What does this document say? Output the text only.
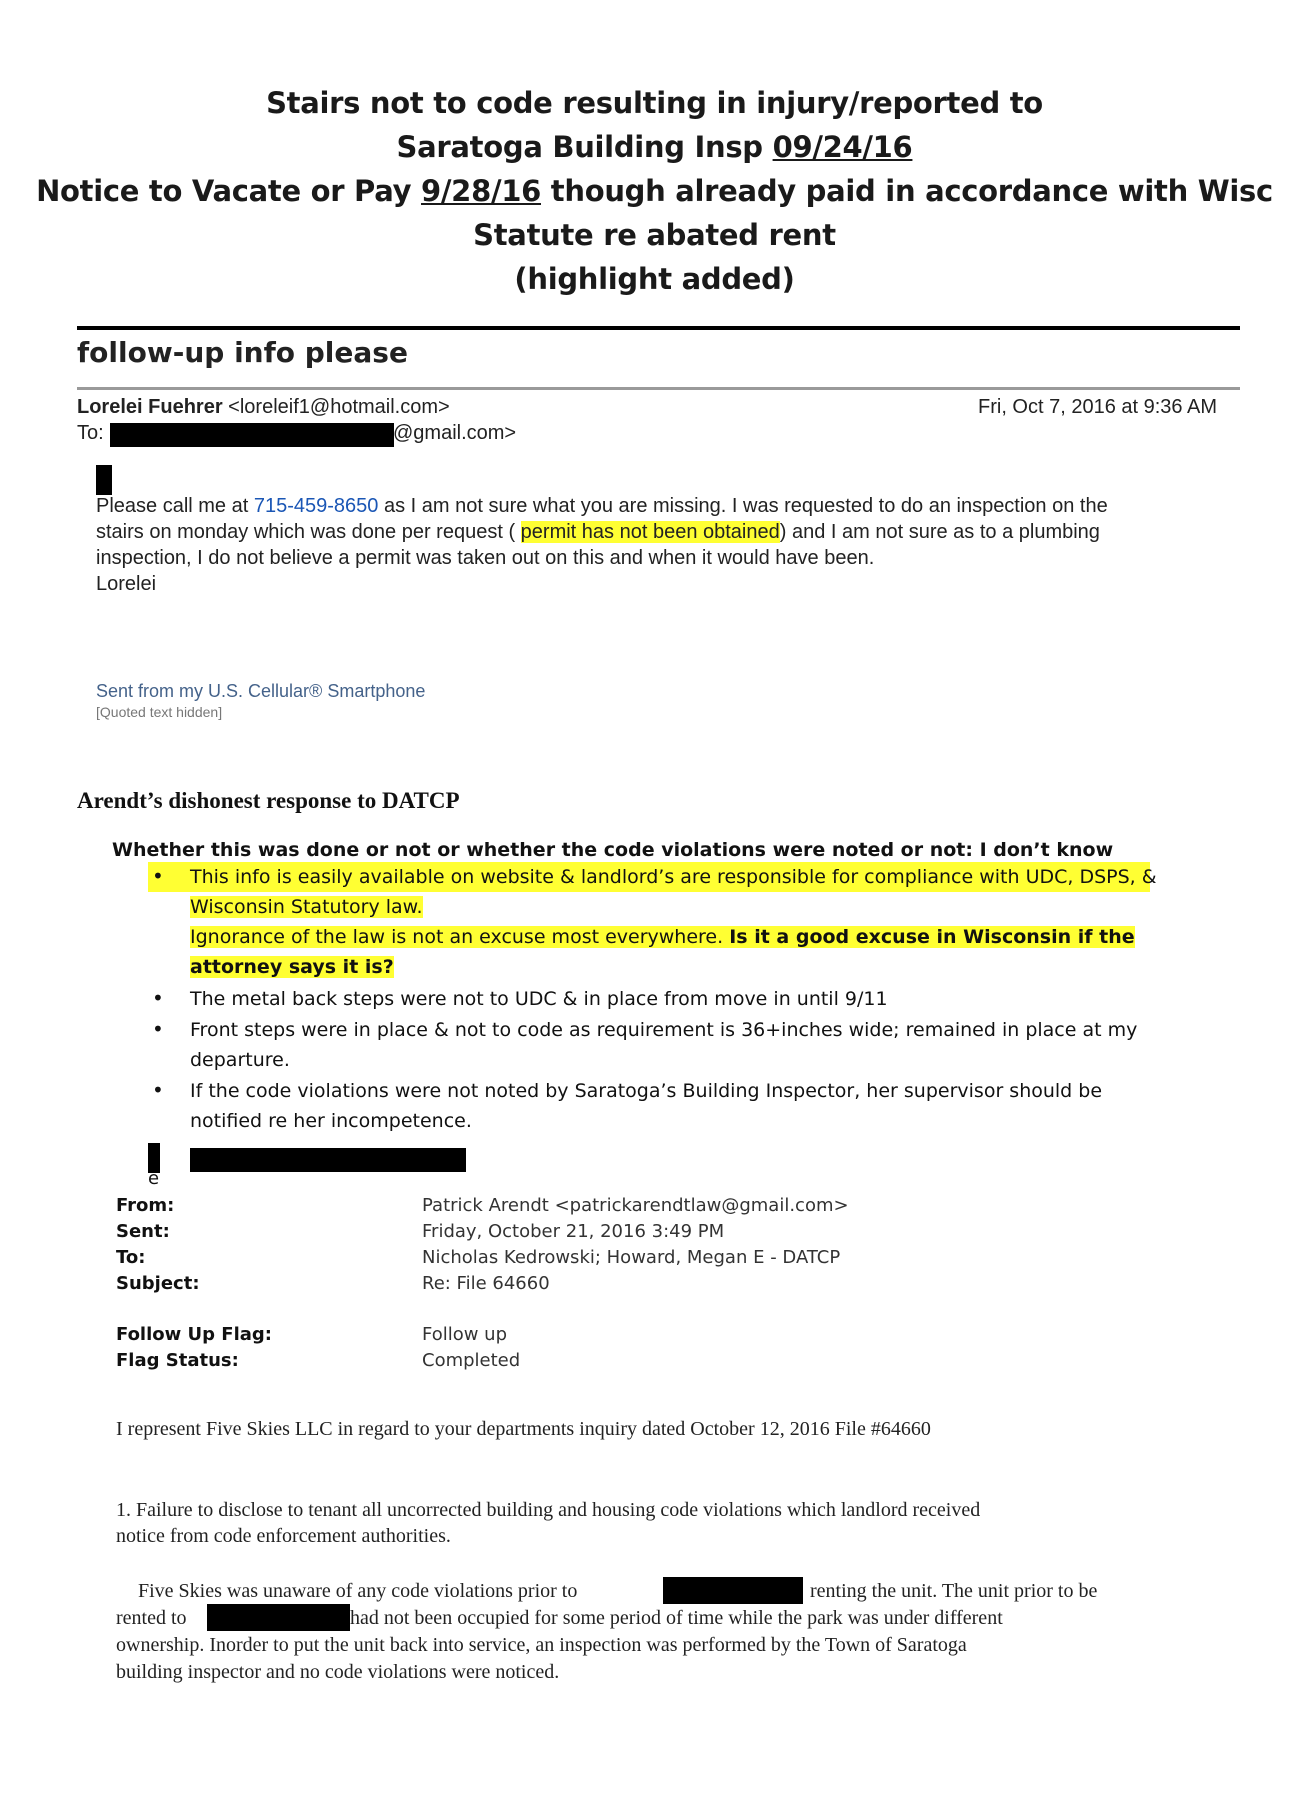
Stairs not to code resulting in injury/reported to
Saratoga Building Insp 09/24/16
Notice to Vacate or Pay 9/28/16 though already paid in accordance with Wisc
Statute re abated rent
(highlight added)
follow-up info please
Lorelei Fuehrer <loreleif1@hotmail.com>	Fri, Oct 7, 2016 at 9:36 AM
To:	@gmail.com>
Please call me at 715-459-8650 as I am not sure what you are missing. I was requested to do an inspection on the
stairs on monday which was done per request ( permit has not been obtained) and I am not sure as to a plumbing
inspection, I do not believe a permit was taken out on this and when it would have been.
Lorelei
Sent from my U.S. Cellular® Smartphone
[Quoted text hidden]
Arendt’s dishonest response to DATCP
Whether this was done or not or whether the code violations were noted or not: I don’t know
• This info is easily available on website & landlord’s are responsible for compliance with UDC, DSPS, &
Wisconsin Statutory law.
Ignorance of the law is not an excuse most everywhere. Is it a good excuse in Wisconsin if the
attorney says it is?
• The metal back steps were not to UDC & in place from move in until 9/11
• Front steps were in place & not to code as requirement is 36+inches wide; remained in place at my
departure.
• If the code violations were not noted by Saratoga’s Building Inspector, her supervisor should be
notified re her incompetence.
e
From:	Patrick Arendt <patrickarendtlaw@gmail.com>
Sent:	Friday, October 21, 2016 3:49 PM
To:	Nicholas Kedrowski; Howard, Megan E - DATCP
Subject:	Re: File 64660
Follow Up Flag:	Follow up
Flag Status:	Completed
I represent Five Skies LLC in regard to your departments inquiry dated October 12, 2016 File #64660
1. Failure to disclose to tenant all uncorrected building and housing code violations which landlord received
notice from code enforcement authorities.
Five Skies was unaware of any code violations prior to	renting the unit. The unit prior to be
rented to	had not been occupied for some period of time while the park was under different
ownership. Inorder to put the unit back into service, an inspection was performed by the Town of Saratoga
building inspector and no code violations were noticed.
